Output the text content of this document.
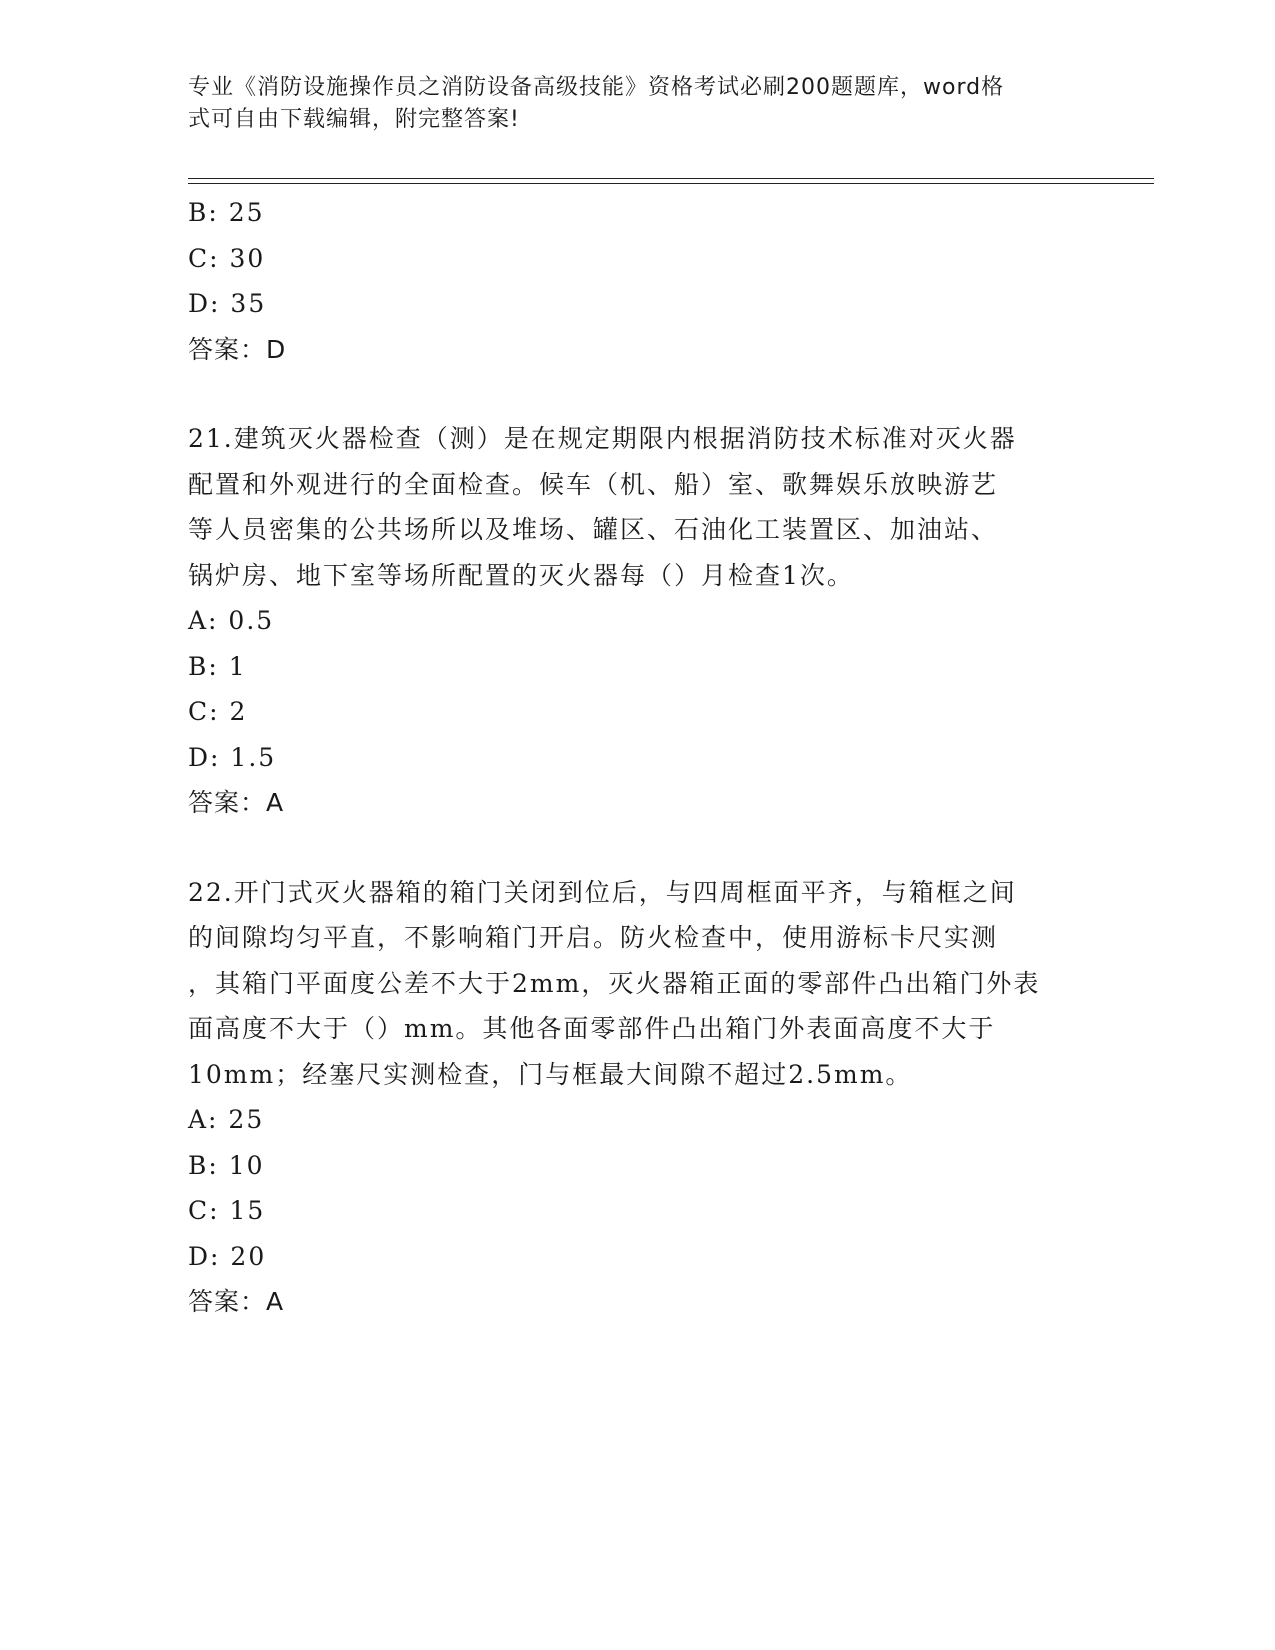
专业《消防设施操作员之消防设备高级技能》资格考试必刷200题题库，word格
式可自由下载编辑，附完整答案!
B: 25
C: 30
D: 35
答案：D
21.建筑灭火器检查（测）是在规定期限内根据消防技术标准对灭火器
配置和外观进行的全面检查。候车（机、船）室、歌舞娱乐放映游艺
等人员密集的公共场所以及堆场、罐区、石油化工装置区、加油站、
锅炉房、地下室等场所配置的灭火器每（）月检查1次。
A: 0.5
B: 1
C: 2
D: 1.5
答案：A
22.开门式灭火器箱的箱门关闭到位后，与四周框面平齐，与箱框之间
的间隙均匀平直，不影响箱门开启。防火检查中，使用游标卡尺实测
，其箱门平面度公差不大于2mm，灭火器箱正面的零部件凸出箱门外表
面高度不大于（）mm。其他各面零部件凸出箱门外表面高度不大于
10mm；经塞尺实测检查，门与框最大间隙不超过2.5mm。
A: 25
B: 10
C: 15
D: 20
答案：A
